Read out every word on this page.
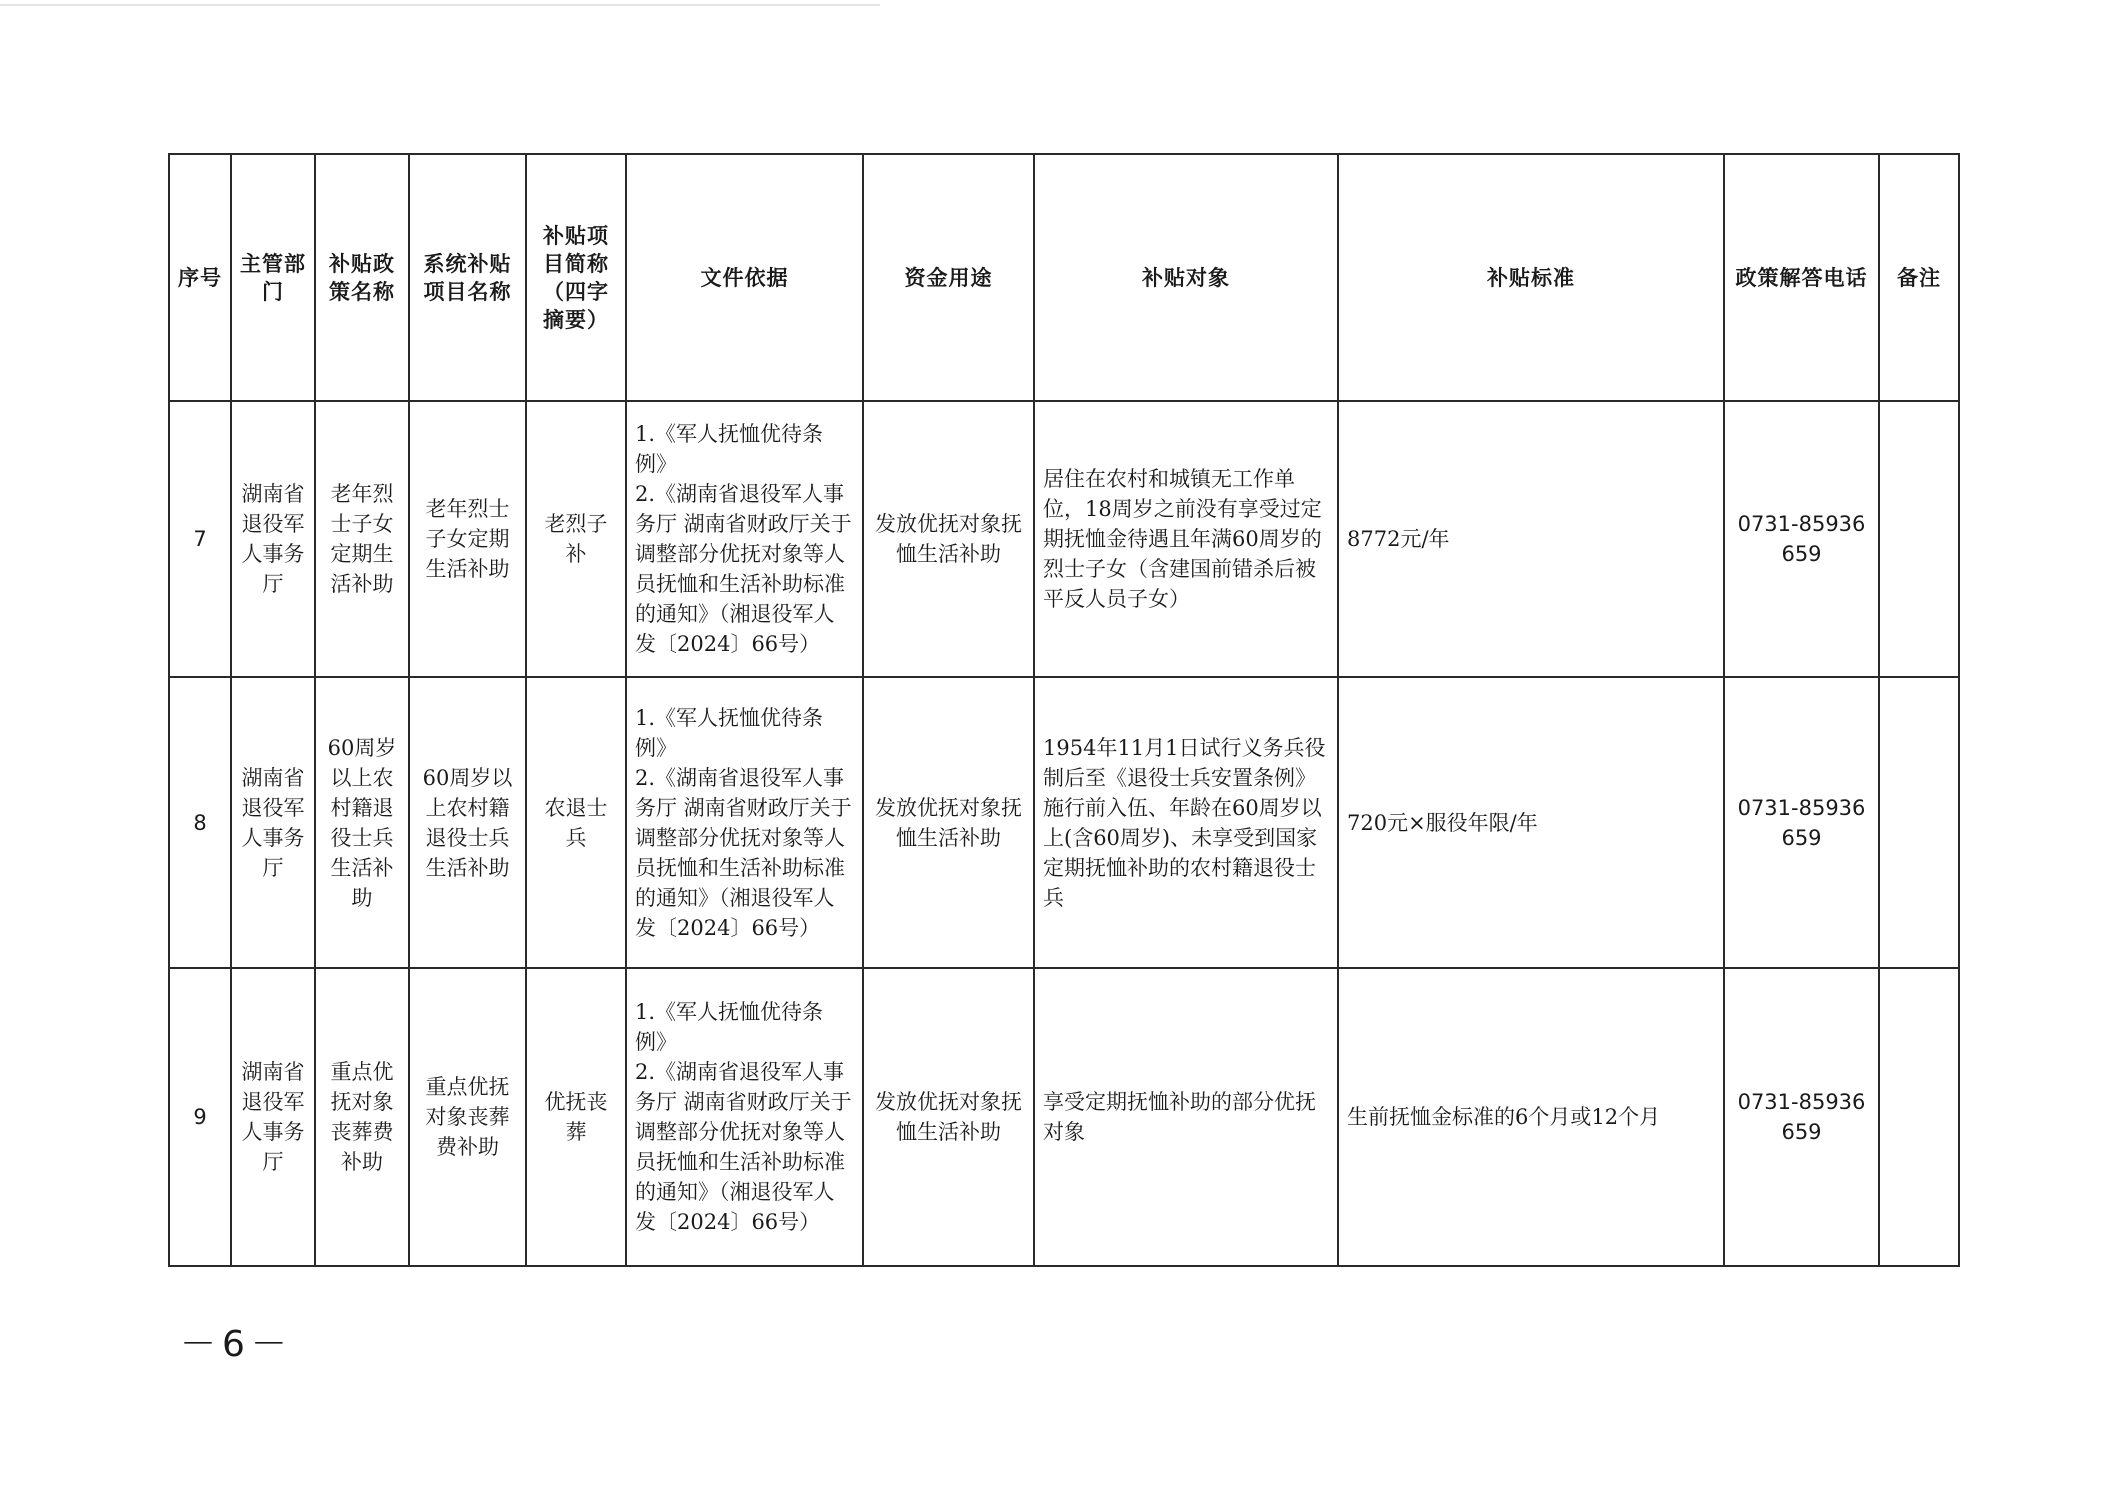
序号	主管部门	补贴政策名称	系统补贴项目名称	补贴项目简称（四字摘要）	文件依据	资金用途	补贴对象	补贴标准	政策解答电话	备注
7	湖南省退役军人事务厅	老年烈士子女定期生活补助	老年烈士子女定期生活补助	老烈子补	1.《军人抚恤优待条例》
2.《湖南省退役军人事务厅 湖南省财政厅关于调整部分优抚对象等人员抚恤和生活补助标准的通知》（湘退役军人发〔2024〕66号）	发放优抚对象抚恤生活补助	居住在农村和城镇无工作单位，18周岁之前没有享受过定期抚恤金待遇且年满60周岁的烈士子女（含建国前错杀后被平反人员子女）	8772元/年	0731-85936659	
8	湖南省退役军人事务厅	60周岁以上农村籍退役士兵生活补助	60周岁以上农村籍退役士兵生活补助	农退士兵	1.《军人抚恤优待条例》
2.《湖南省退役军人事务厅 湖南省财政厅关于调整部分优抚对象等人员抚恤和生活补助标准的通知》（湘退役军人发〔2024〕66号）	发放优抚对象抚恤生活补助	1954年11月1日试行义务兵役制后至《退役士兵安置条例》施行前入伍、年龄在60周岁以上(含60周岁)、未享受到国家定期抚恤补助的农村籍退役士兵	720元×服役年限/年	0731-85936659	
9	湖南省退役军人事务厅	重点优抚对象丧葬费补助	重点优抚对象丧葬费补助	优抚丧葬	1.《军人抚恤优待条例》
2.《湖南省退役军人事务厅 湖南省财政厅关于调整部分优抚对象等人员抚恤和生活补助标准的通知》（湘退役军人发〔2024〕66号）	发放优抚对象抚恤生活补助	享受定期抚恤补助的部分优抚对象	生前抚恤金标准的6个月或12个月	0731-85936659	
－6－
